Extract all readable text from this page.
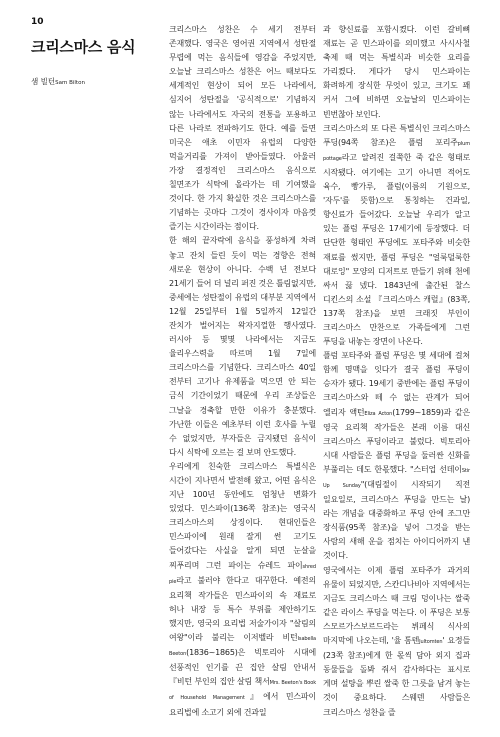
10
크리스마스 음식
샘 빌턴Sam Bilton

크리스마스 성찬은 수 세기 전부터 존재했다. 영국은 영어권 지역에서 성탄절 무렵에 먹는 음식들에 영감을 주었지만, 오늘날 크리스마스 성찬은 어느 때보다도 세계적인 현상이 되어 모든 나라에서, 심지어 성탄절을 '공식적으로' 기념하지 않는 나라에서도 자국의 전통을 포용하고 다른 나라로 전파하기도 한다. 예를 들면 미국은 애초 이민자 유럽의 다양한 먹을거리를 가져이 받아들였다. 아울러 가장 결정적인 크리스마스 음식으로 칠면조가 식탁에 올라가는 데 기여했을 것이다. 한 가지 확실한 것은 크리스마스를 기념하는 곳마다 그것이 경사이자 마음껏 즐기는 시간이라는 점이다.

한 해의 끝자락에 음식을 풍성하게 차려 놓고 잔치 들린 듯이 먹는 경향은 전혀 새로운 현상이 아니다. 수백 년 전보다 21세기 들어 더 널리 퍼진 것은 틀림없지만, 중세에는 성탄절이 유럽의 대부분 지역에서 12월 25일부터 1월 5일까지 12일간 잔치가 벌어지는 왁자지껄한 행사였다. 러시아 등 몇몇 나라에서는 지금도 율리우스력을 따르며 1월 7일에 크리스마스를 기념한다. 크리스마스 40일 전부터 고기나 유제품을 먹으면 안 되는 금식 기간이었기 때문에 우리 조상들은 그날을 경축할 만한 이유가 충분했다. 가난한 이들은 예초부터 이런 호사를 누릴 수 없었지만, 부자들은 금지됐던 음식이 다시 식탁에 오르는 걸 보며 안도했다.

우리에게 친숙한 크리스마스 특별식은 시간이 지나면서 발전해 왔고, 어떤 음식은 지난 100년 동안에도 엄청난 변화가 있었다. 민스파이(136쪽 참조)는 영국식 크리스마스의 상징이다. 현대인들은 민스파이에 원래 잘게 썬 고기도 들어갔다는 사실을 알게 되면 눈살을 찌푸리며 그런 파이는 슈레드 파이shred pie라고 불러야 한다고 대꾸한다. 예전의 요리책 작가들은 민스파이의 속 재료로 허나 내장 등 특수 부위를 제안하기도 했지만, 영국의 요리법 저술가이자 "살림의 여왕"이라 불리는 이저벨라 비턴Isabella Beeton(1836~1865)은 빅토리아 시대에 선풍적인 인기를 끈 집안 살림 안내서 『비턴 부인의 집안 살림 책서Mrs. Beeton's Book of Household Management』에서 민스파이 요리법에 소고기 외에 건과일

과 향신료를 포함시켰다. 이런 갈비뼈 재료는 곧 민스파이를 의미했고 사시사철 축제 때 먹는 특별식과 비슷한 요리를 가리켰다. 게다가 당시 민스파이는 화려하게 장식한 무엇이 있고, 크기도 꽤 커서 그에 비하면 오늘날의 민스파이는 빈번찮아 보인다.

크리스마스의 또 다른 특별식인 크리스마스 푸딩(94쪽 참조)은 플럼 포리주plum pottage라고 알려진 걸쭉한 죽 같은 형태로 시작됐다. 여기에는 고기 아니면 적어도 육수, 빵가루, 플럼(이름의 기원으로, '자두'를 뜻함)으로 통칭하는 건과일, 향신료가 들어갔다. 오늘날 우리가 알고 있는 플럼 푸딩은 17세기에 등장했다. 더 단단한 형태인 푸딩에도 포타주와 비슷한 재료를 썼지만, 플럼 푸딩은 "얼룩덜룩한 대로잉" 모양의 디저트로 만들기 위해 천에 싸서 끓 넸다. 1843년에 출간된 찰스 디킨스의 소설 『크리스마스 캐럴』(83쪽, 137쪽 참조)을 보면 크래짓 부인이 크리스마스 만찬으로 가족들에게 그런 푸딩을 내놓는 장면이 나온다.

플럼 포타주와 플럼 푸딩은 몇 세대에 걸쳐 함께 명맥을 잇다가 결국 플럼 푸딩이 승자가 됐다. 19세기 중반에는 플럼 푸딩이 크리스마스와 떼 수 없는 관계가 되어 엘리자 액턴Eliza Acton(1799~1859)과 같은 영국 요리책 작가들은 본래 이름 대신 크리스마스 푸딩이라고 불렀다. 빅토리아 시대 사람들은 플럼 푸딩을 둘러싼 신화를 부풀리는 데도 한몫했다. "스터업 선데이Stir Up Sunday"(대림절이 시작되기 직전 일요일로, 크리스마스 푸딩을 만드는 날)라는 개념을 대중화하고 푸딩 안에 조그만 장식품(95쪽 참조)을 넣어 그것을 받는 사람의 새해 운을 점치는 아이디어까지 낸 것이다.

영국에서는 이제 플럼 포타주가 과거의 유물이 되었지만, 스칸디나비아 지역에서는 지금도 크리스마스 때 크림 덩이나는 쌀죽 같은 라이스 푸딩을 먹는다. 이 푸딩은 보통 스모르가스보르드라는 뷔페식 식사의 마지막에 나오는데, '율 톰텐Jultomten' 요정들(23쪽 참조)에게 한 몫씩 담아 외지 집과 동물들을 돌봐 줘서 감사하다는 표시로 게며 설탕을 뿌린 쌀죽 한 그릇을 남겨 놓는 것이 중요하다. 스웨덴 사람들은 크리스마스 성찬을 즐
